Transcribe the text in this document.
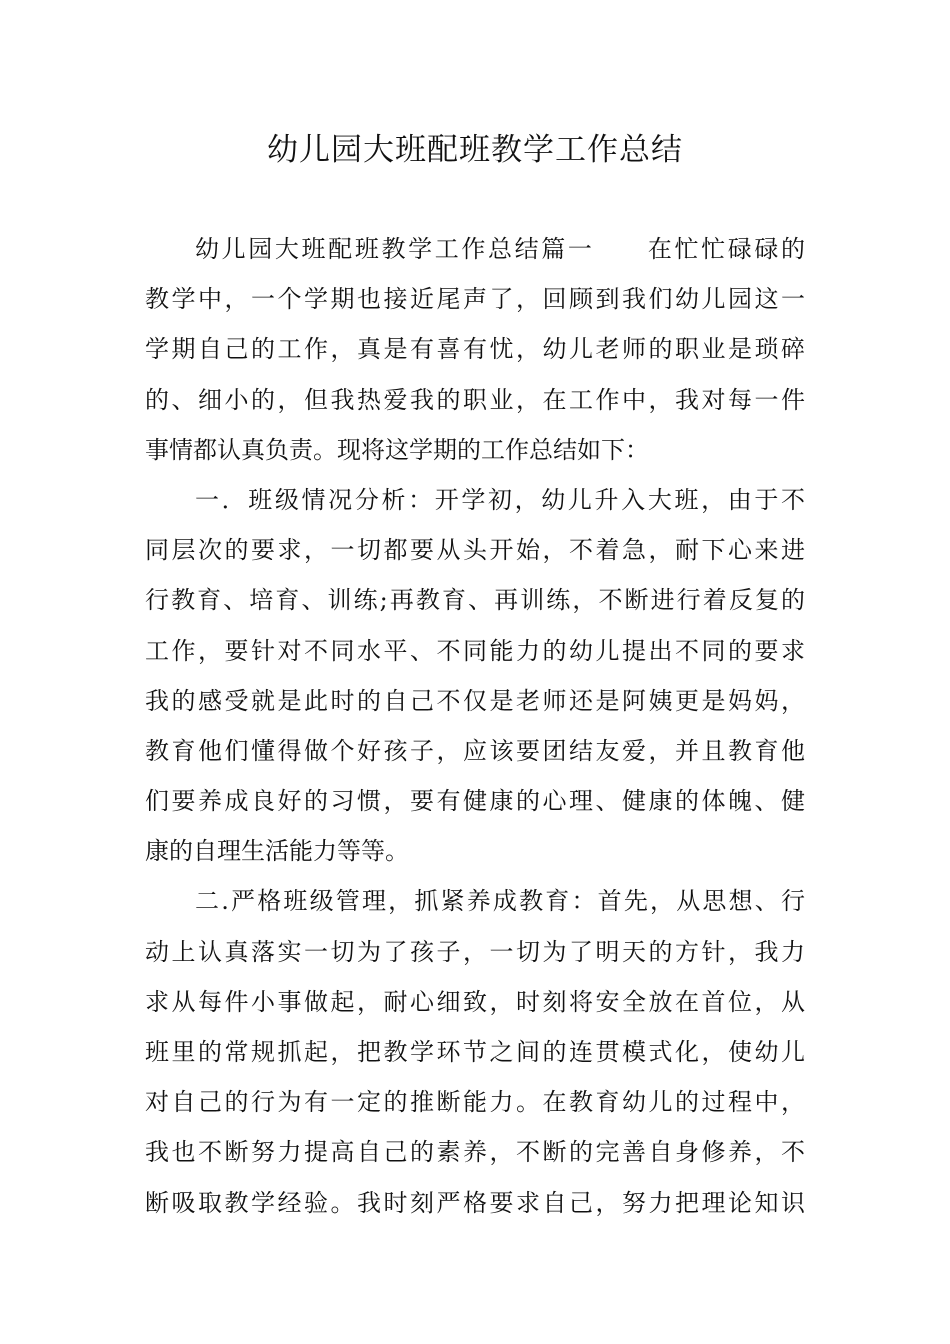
幼儿园大班配班教学工作总结
幼儿园大班配班教学工作总结篇一　　在忙忙碌碌的
教学中，一个学期也接近尾声了，回顾到我们幼儿园这一
学期自己的工作，真是有喜有忧，幼儿老师的职业是琐碎
的、细小的，但我热爱我的职业，在工作中，我对每一件
事情都认真负责。现将这学期的工作总结如下：
一．班级情况分析：开学初，幼儿升入大班，由于不
同层次的要求，一切都要从头开始，不着急，耐下心来进
行教育、培育、训练;再教育、再训练，不断进行着反复的
工作，要针对不同水平、不同能力的幼儿提出不同的要求
我的感受就是此时的自己不仅是老师还是阿姨更是妈妈，
教育他们懂得做个好孩子，应该要团结友爱，并且教育他
们要养成良好的习惯，要有健康的心理、健康的体魄、健
康的自理生活能力等等。
二.严格班级管理，抓紧养成教育：首先，从思想、行
动上认真落实一切为了孩子，一切为了明天的方针，我力
求从每件小事做起，耐心细致，时刻将安全放在首位，从
班里的常规抓起，把教学环节之间的连贯模式化，使幼儿
对自己的行为有一定的推断能力。在教育幼儿的过程中，
我也不断努力提高自己的素养，不断的完善自身修养，不
断吸取教学经验。我时刻严格要求自己，努力把理论知识
